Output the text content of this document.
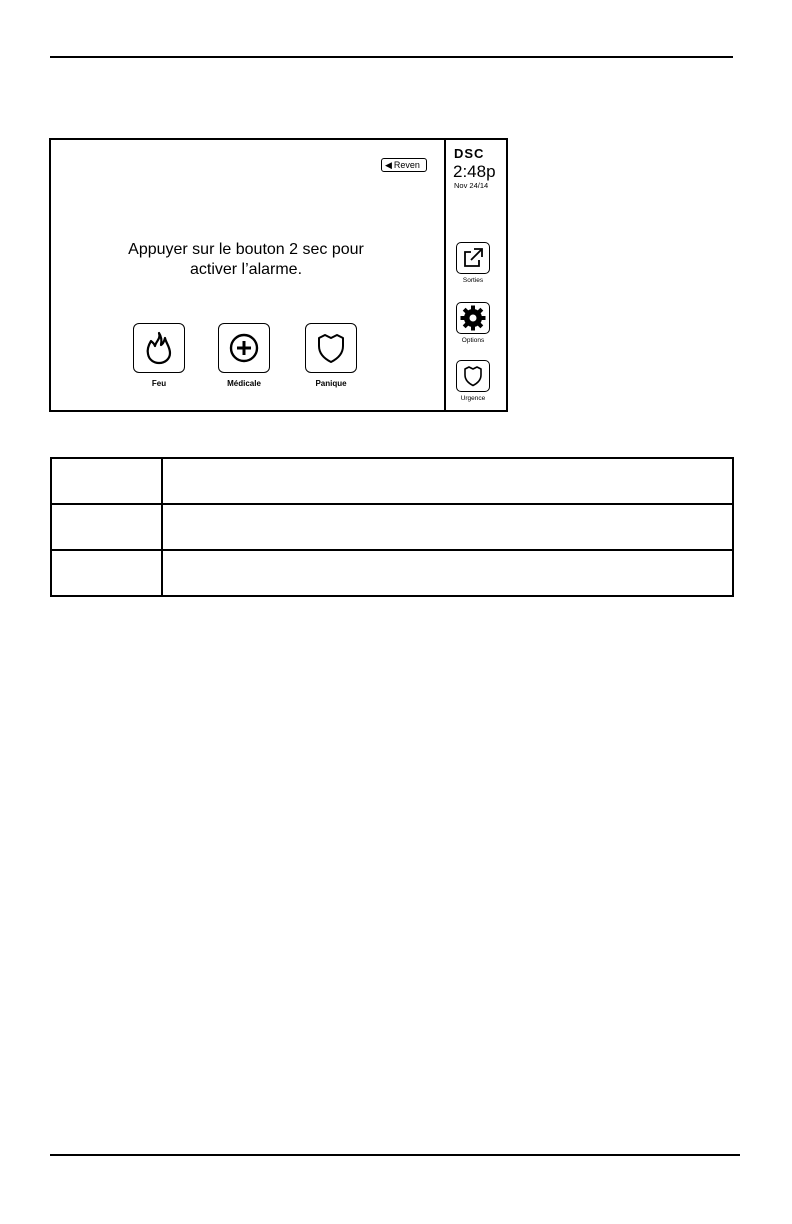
◀ Reven
Appuyer sur le bouton 2 sec pour
activer l’alarme.
Feu	Médicale	Panique
DSC
2:48p
Nov 24/14
Sorties
Options
Urgence
